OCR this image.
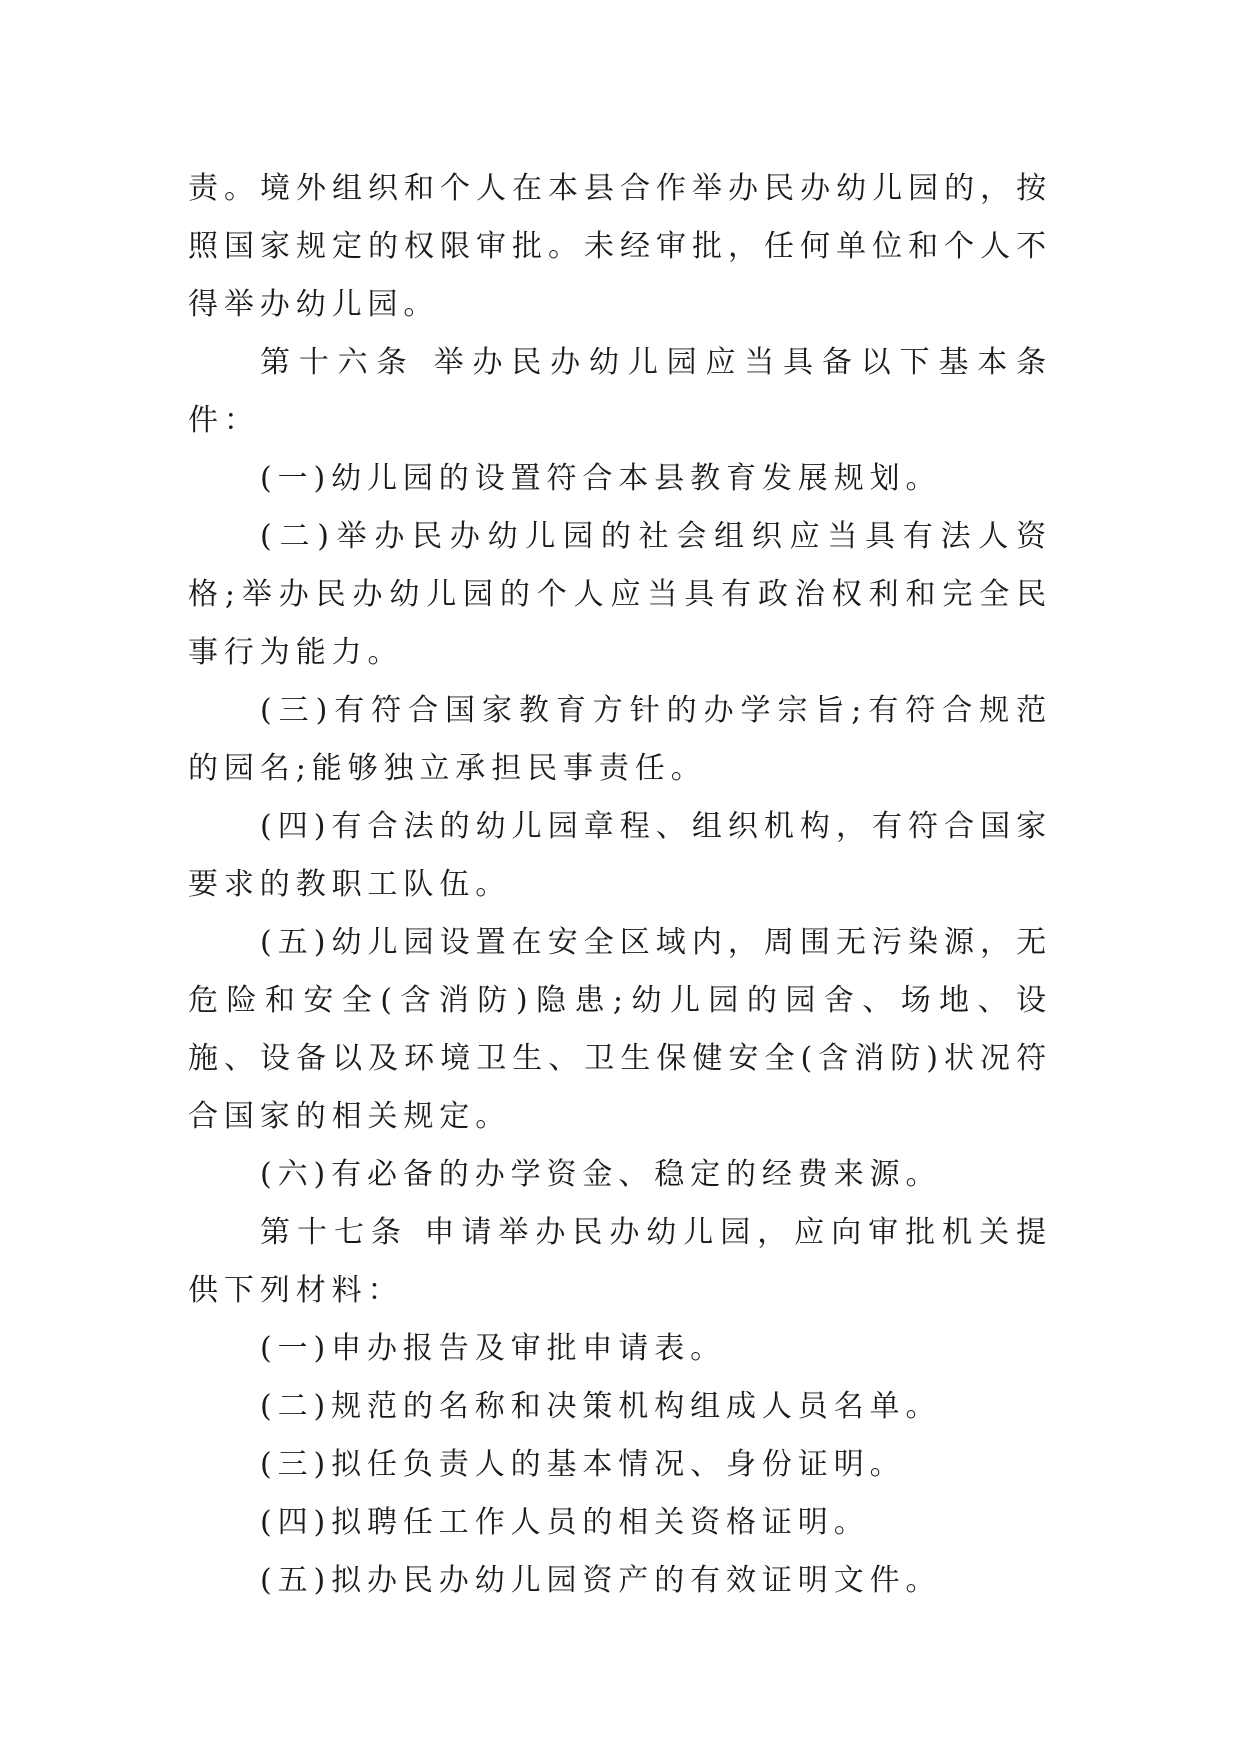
责。境外组织和个人在本县合作举办民办幼儿园的，按照国家规定的权限审批。未经审批，任何单位和个人不得举办幼儿园。

第十六条 举办民办幼儿园应当具备以下基本条件：

(一)幼儿园的设置符合本县教育发展规划。

(二)举办民办幼儿园的社会组织应当具有法人资格;举办民办幼儿园的个人应当具有政治权利和完全民事行为能力。

(三)有符合国家教育方针的办学宗旨;有符合规范的园名;能够独立承担民事责任。

(四)有合法的幼儿园章程、组织机构，有符合国家要求的教职工队伍。

(五)幼儿园设置在安全区域内，周围无污染源，无危险和安全(含消防)隐患;幼儿园的园舍、场地、设施、设备以及环境卫生、卫生保健安全(含消防)状况符合国家的相关规定。

(六)有必备的办学资金、稳定的经费来源。

第十七条 申请举办民办幼儿园，应向审批机关提供下列材料：

(一)申办报告及审批申请表。

(二)规范的名称和决策机构组成人员名单。

(三)拟任负责人的基本情况、身份证明。

(四)拟聘任工作人员的相关资格证明。

(五)拟办民办幼儿园资产的有效证明文件。
